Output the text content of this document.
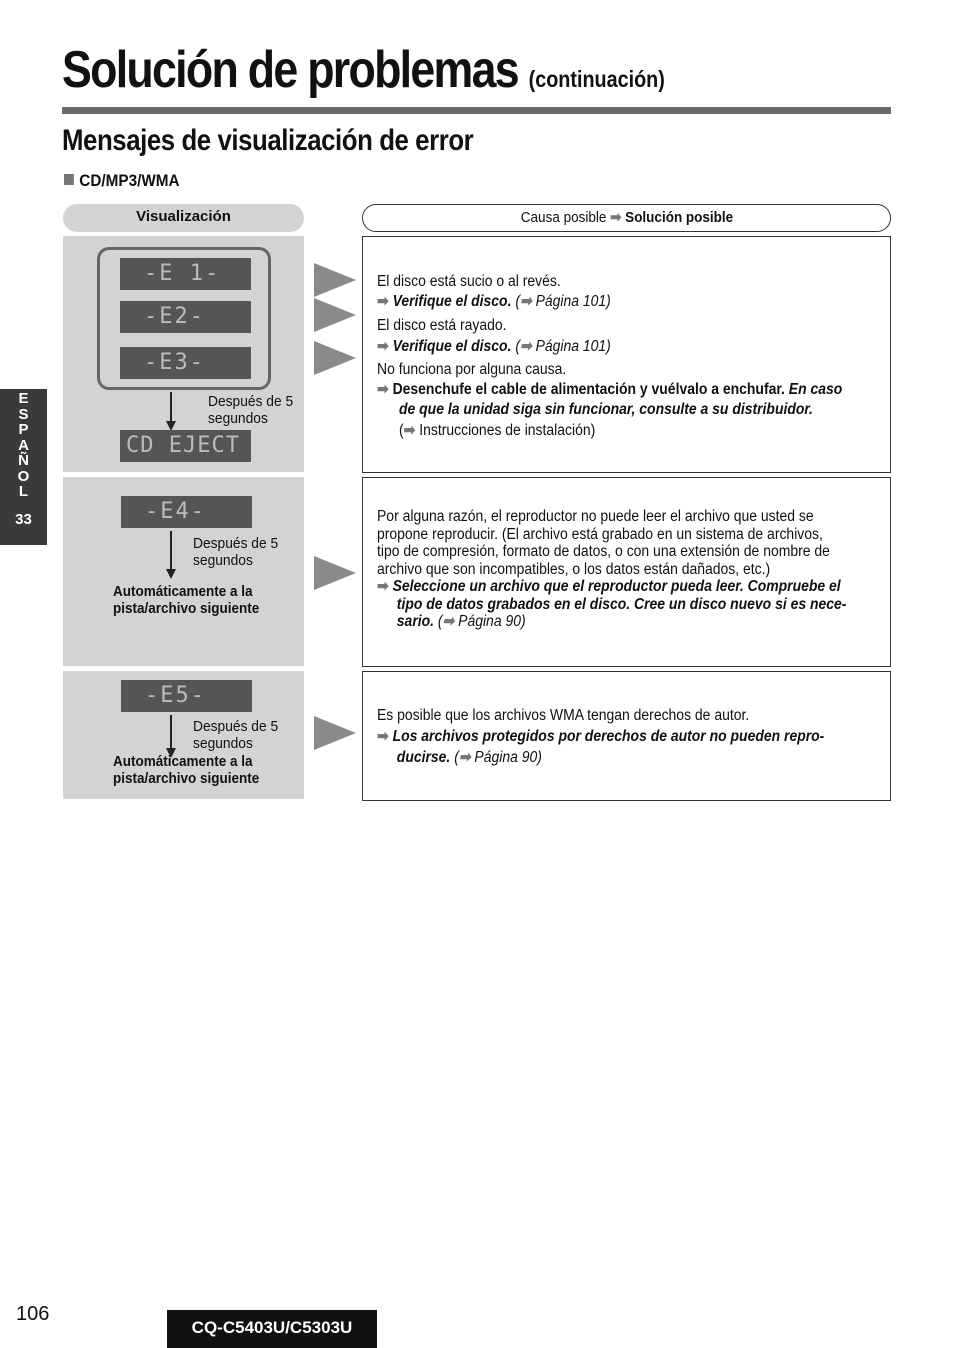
Solución de problemas (continuación)
Mensajes de visualización de error
CD/MP3/WMA
Visualización	Causa posible ➡ Solución posible
-E 1-
-E2-
-E3-
Después de 5
segundos
CD EJECT
El disco está sucio o al revés.
➡ Verifique el disco. (➡ Página 101)
El disco está rayado.
➡ Verifique el disco. (➡ Página 101)
No funciona por alguna causa.
➡ Desenchufe el cable de alimentación y vuélvalo a enchufar. En caso
de que la unidad siga sin funcionar, consulte a su distribuidor.
(➡ Instrucciones de instalación)
-E4-
Después de 5
segundos
Automáticamente a la
pista/archivo siguiente
Por alguna razón, el reproductor no puede leer el archivo que usted se
propone reproducir. (El archivo está grabado en un sistema de archivos,
tipo de compresión, formato de datos, o con una extensión de nombre de
archivo que son incompatibles, o los datos están dañados, etc.)
➡ Seleccione un archivo que el reproductor pueda leer. Compruebe el
tipo de datos grabados en el disco. Cree un disco nuevo si es nece-
sario. (➡ Página 90)
-E5-
Después de 5
segundos
Automáticamente a la
pista/archivo siguiente
Es posible que los archivos WMA tengan derechos de autor.
➡ Los archivos protegidos por derechos de autor no pueden repro-
ducirse. (➡ Página 90)
E
S
P
A
Ñ
O
L
33
106
CQ-C5403U/C5303U
